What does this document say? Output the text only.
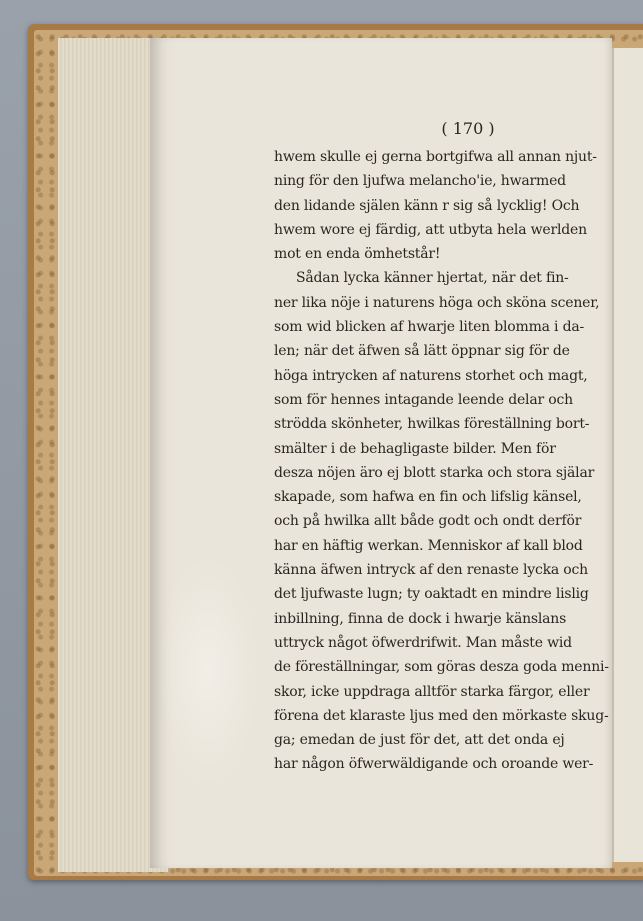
( 170 )
hwem skulle ej gerna bortgifwa all annan njut-
ning för den ljufwa melancho'ie, hwarmed
den lidande själen känn r sig så lycklig! Och
hwem wore ej färdig, att utbyta hela werlden
mot en enda ömhetstår!
Sådan lycka känner hjertat, när det fin-
ner lika nöje i naturens höga och sköna scener,
som wid blicken af hwarje liten blomma i da-
len; när det äfwen så lätt öppnar sig för de
höga intrycken af naturens storhet och magt,
som för hennes intagande leende delar och
strödda skönheter, hwilkas föreställning bort-
smälter i de behagligaste bilder. Men för
desza nöjen äro ej blott starka och stora själar
skapade, som hafwa en fin och lifslig känsel,
och på hwilka allt både godt och ondt derför
har en häftig werkan. Menniskor af kall blod
känna äfwen intryck af den renaste lycka och
det ljufwaste lugn; ty oaktadt en mindre lislig
inbillning, finna de dock i hwarje känslans
uttryck något öfwerdrifwit. Man måste wid
de föreställningar, som göras desza goda menni-
skor, icke uppdraga alltför starka färgor, eller
förena det klaraste ljus med den mörkaste skug-
ga; emedan de just för det, att det onda ej
har någon öfwerwäldigande och oroande wer-
